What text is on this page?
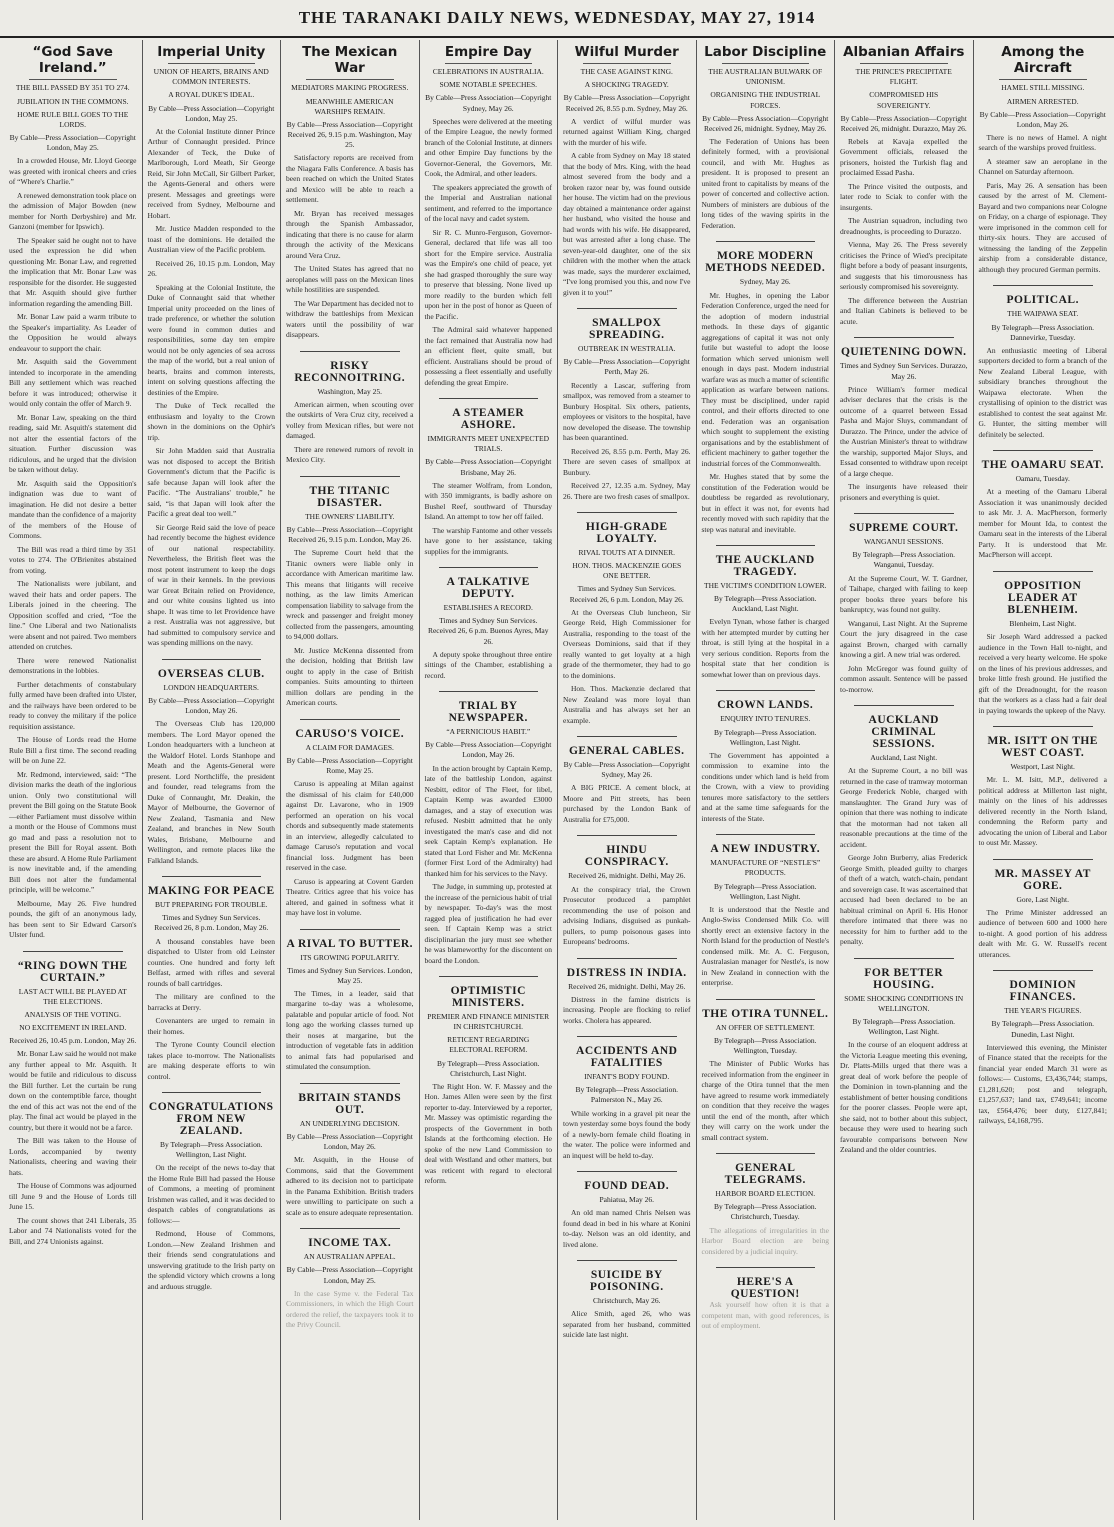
THE TARANAKI DAILY NEWS, WEDNESDAY, MAY 27, 1914
“God Save Ireland.”
THE BILL PASSED BY 351 TO 274.
JUBILATION IN THE COMMONS.
HOME RULE BILL GOES TO THE LORDS.
By Cable—Press Association—Copyright London, May 25.

In a crowded House, Mr. Lloyd George was greeted with ironical cheers and cries of “Where's Charlie.”

A renewed demonstration took place on the admission of Major Bowden (new member for North Derbyshire) and Mr. Ganzoni (member for Ipswich).

The Speaker said he ought not to have used the expression he did when questioning Mr. Bonar Law, and regretted the implication that Mr. Bonar Law was responsible for the disorder. He suggested that Mr. Asquith should give further information regarding the amending Bill.

Mr. Bonar Law paid a warm tribute to the Speaker's impartiality. As Leader of the Opposition he would always endeavour to support the chair.

Mr. Asquith said the Government intended to incorporate in the amending Bill any settlement which was reached before it was introduced; otherwise it would only contain the offer of March 9.

Mr. Bonar Law, speaking on the third reading, said Mr. Asquith's statement did not alter the essential factors of the situation. Further discussion was ridiculous, and he urged that the division be taken without delay.

Mr. Asquith said the Opposition's indignation was due to want of imagination. He did not desire a better mandate than the confidence of a majority of the members of the House of Commons.

The Bill was read a third time by 351 votes to 274. The O'Brienites abstained from voting.

The Nationalists were jubilant, and waved their hats and order papers. The Liberals joined in the cheering. The Opposition scoffed and cried, “Toe the line.” One Liberal and two Nationalists were absent and not paired. Two members attended on crutches.

There were renewed Nationalist demonstrations in the lobbies.

Further detachments of constabulary fully armed have been drafted into Ulster, and the railways have been ordered to be ready to convey the military if the police requisition assistance.

The House of Lords read the Home Rule Bill a first time. The second reading will be on June 22.

Mr. Redmond, interviewed, said: “The division marks the death of the inglorious union. Only two constitutional will prevent the Bill going on the Statute Book—either Parliament must dissolve within a month or the House of Commons must go mad and pass a resolution not to present the Bill for Royal assent. Both these are absurd. A Home Rule Parliament is now inevitable and, if the amending Bill does not alter the fundamental principle, will be welcome.”

Melbourne, May 26. Five hundred pounds, the gift of an anonymous lady, has been sent to Sir Edward Carson's Ulster fund.

“RING DOWN THE CURTAIN.”
LAST ACT WILL BE PLAYED AT THE ELECTIONS.
ANALYSIS OF THE VOTING.
NO EXCITEMENT IN IRELAND.
Received 26, 10.45 p.m. London, May 26.

Mr. Bonar Law said he would not make any further appeal to Mr. Asquith. It would be futile and ridiculous to discuss the Bill further. Let the curtain be rung down on the contemptible farce, thought the end of this act was not the end of the play. The final act would be played in the country, but there it would not be a farce.

The Bill was taken to the House of Lords, accompanied by twenty Nationalists, cheering and waving their hats.

The House of Commons was adjourned till June 9 and the House of Lords till June 15.

The count shows that 241 Liberals, 35 Labor and 74 Nationalists voted for the Bill, and 274 Unionists against.

Imperial Unity
UNION OF HEARTS, BRAINS AND COMMON INTERESTS.
A ROYAL DUKE'S IDEAL.
By Cable—Press Association—Copyright London, May 25.

At the Colonial Institute dinner Prince Arthur of Connaught presided. Prince Alexander of Teck, the Duke of Marlborough, Lord Meath, Sir George Reid, Sir John McCall, Sir Gilbert Parker, the Agents-General and others were present. Messages and greetings were received from Sydney, Melbourne and Hobart.

Mr. Justice Madden responded to the toast of the dominions. He detailed the Australian view of the Pacific problem.

Received 26, 10.15 p.m. London, May 26.

Speaking at the Colonial Institute, the Duke of Connaught said that whether Imperial unity proceeded on the lines of trade preference, or whether the solution were found in common duties and responsibilities, some day ten empire would not be only agencies of sea across the map of the world, but a real union of hearts, brains and common interests, intent on solving questions affecting the destinies of the Empire.

The Duke of Teck recalled the enthusiasm and loyalty to the Crown shown in the dominions on the Ophir's trip.

Sir John Madden said that Australia was not disposed to accept the British Government's dictum that the Pacific is safe because Japan will look after the Pacific. “The Australians' trouble,” he said, “is that Japan will look after the Pacific a great deal too well.”

Sir George Reid said the love of peace had recently become the highest evidence of our national respectability. Nevertheless, the British fleet was the most potent instrument to keep the dogs of war in their kennels. In the previous war Great Britain relied on Providence, and our white cousins lighted us into shape. It was time to let Providence have a rest. Australia was not aggressive, but had submitted to compulsory service and was spending millions on the navy.

OVERSEAS CLUB.
LONDON HEADQUARTERS.
By Cable—Press Association—Copyright London, May 26.

The Overseas Club has 120,000 members. The Lord Mayor opened the London headquarters with a luncheon at the Waldorf Hotel. Lords Stanhope and Meath and the Agents-General were present. Lord Northcliffe, the president and founder, read telegrams from the Duke of Connaught, Mr. Deakin, the Mayor of Melbourne, the Governor of New Zealand, Tasmania and New Zealand, and branches in New South Wales, Brisbane, Melbourne and Wellington, and remote places like the Falkland Islands.

MAKING FOR PEACE
BUT PREPARING FOR TROUBLE.
Times and Sydney Sun Services. Received 26, 8 p.m. London, May 26.

A thousand constables have been dispatched to Ulster from old Leinster counties. One hundred and forty left Belfast, armed with rifles and several rounds of ball cartridges.

The military are confined to the barracks at Derry.

Covenanters are urged to remain in their homes.

The Tyrone County Council election takes place to-morrow. The Nationalists are making desperate efforts to win control.

CONGRATULATIONS FROM NEW ZEALAND.
By Telegraph—Press Association. Wellington, Last Night.

On the receipt of the news to-day that the Home Rule Bill had passed the House of Commons, a meeting of prominent Irishmen was called, and it was decided to despatch cables of congratulations as follows:—

Redmond, House of Commons, London.—New Zealand Irishmen and their friends send congratulations and unswerving gratitude to the Irish party on the splendid victory which crowns a long and arduous struggle.

The Mexican War
MEDIATORS MAKING PROGRESS.
MEANWHILE AMERICAN WARSHIPS REMAIN.
By Cable—Press Association—Copyright Received 26, 9.15 p.m. Washington, May 25.

Satisfactory reports are received from the Niagara Falls Conference. A basis has been reached on which the United States and Mexico will be able to reach a settlement.

Mr. Bryan has received messages through the Spanish Ambassador, indicating that there is no cause for alarm through the activity of the Mexicans around Vera Cruz.

The United States has agreed that no aeroplanes will pass on the Mexican lines while hostilities are suspended.

The War Department has decided not to withdraw the battleships from Mexican waters until the possibility of war disappears.

RISKY RECONNOITRING.
Washington, May 25.

American airmen, when scouting over the outskirts of Vera Cruz city, received a volley from Mexican rifles, but were not damaged.

There are renewed rumors of revolt in Mexico City.

THE TITANIC DISASTER.
THE OWNERS' LIABILITY.
By Cable—Press Association—Copyright Received 26, 9.15 p.m. London, May 26.

The Supreme Court held that the Titanic owners were liable only in accordance with American maritime law. This means that litigants will receive nothing, as the law limits American compensation liability to salvage from the wreck and passenger and freight money collected from the passengers, amounting to 94,000 dollars.

Mr. Justice McKenna dissented from the decision, holding that British law ought to apply in the case of British companies. Suits amounting to thirteen million dollars are pending in the American courts.

CARUSO'S VOICE.
A CLAIM FOR DAMAGES.
By Cable—Press Association—Copyright Rome, May 25.

Caruso is appealing at Milan against the dismissal of his claim for £40,000 against Dr. Lavarone, who in 1909 performed an operation on his vocal chords and subsequently made statements in an interview, allegedly calculated to damage Caruso's reputation and vocal financial loss. Judgment has been reserved in the case.

Caruso is appearing at Covent Garden Theatre. Critics agree that his voice has altered, and gained in softness what it may have lost in volume.

A RIVAL TO BUTTER.
ITS GROWING POPULARITY.
Times and Sydney Sun Services. London, May 25.

The Times, in a leader, said that margarine to-day was a wholesome, palatable and popular article of food. Not long ago the working classes turned up their noses at margarine, but the introduction of vegetable fats in addition to animal fats had popularised and stimulated the consumption.

BRITAIN STANDS OUT.
AN UNDERLYING DECISION.
By Cable—Press Association—Copyright London, May 26.

Mr. Asquith, in the House of Commons, said that the Government adhered to its decision not to participate in the Panama Exhibition. British traders were unwilling to participate on such a scale as to ensure adequate representation.

INCOME TAX.
AN AUSTRALIAN APPEAL.
By Cable—Press Association—Copyright London, May 25.

In the case Syme v. the Federal Tax Commissioners, in which the High Court ordered the relief, the taxpayers took it to the Privy Council.

Empire Day
CELEBRATIONS IN AUSTRALIA.
SOME NOTABLE SPEECHES.
By Cable—Press Association—Copyright Sydney, May 26.

Speeches were delivered at the meeting of the Empire League, the newly formed branch of the Colonial Institute, at dinners and other Empire Day functions by the Governor-General, the Governors, Mr. Cook, the Admiral, and other leaders.

The speakers appreciated the growth of the Imperial and Australian national sentiment, and referred to the importance of the local navy and cadet system.

Sir R. C. Munro-Ferguson, Governor-General, declared that life was all too short for the Empire service. Australia was the Empire's one child of peace, yet she had grasped thoroughly the sure way to preserve that blessing. None lived up more readily to the burden which fell upon her in the post of honor as Queen of the Pacific.

The Admiral said whatever happened the fact remained that Australia now had an efficient fleet, quite small, but efficient. Australians should be proud of possessing a fleet essentially and usefully defending the great Empire.

A STEAMER ASHORE.
IMMIGRANTS MEET UNEXPECTED TRIALS.
By Cable—Press Association—Copyright Brisbane, May 26.

The steamer Wolfram, from London, with 350 immigrants, is badly ashore on Bushel Reef, southward of Thursday Island. An attempt to tow her off failed.

The warship Fantome and other vessels have gone to her assistance, taking supplies for the immigrants.

A TALKATIVE DEPUTY.
ESTABLISHES A RECORD.
Times and Sydney Sun Services. Received 26, 6 p.m. Buenos Ayres, May 26.

A deputy spoke throughout three entire sittings of the Chamber, establishing a record.

TRIAL BY NEWSPAPER.
“A PERNICIOUS HABIT.”
By Cable—Press Association—Copyright London, May 26.

In the action brought by Captain Kemp, late of the battleship London, against Nesbitt, editor of The Fleet, for libel, Captain Kemp was awarded £3000 damages, and a stay of execution was refused. Nesbitt admitted that he only investigated the man's case and did not seek Captain Kemp's explanation. He stated that Lord Fisher and Mr. McKenna (former First Lord of the Admiralty) had thanked him for his services to the Navy.

The Judge, in summing up, protested at the increase of the pernicious habit of trial by newspaper. To-day's was the most ragged plea of justification he had ever seen. If Captain Kemp was a strict disciplinarian the jury must see whether he was blameworthy for the discontent on board the London.

OPTIMISTIC MINISTERS.
PREMIER AND FINANCE MINISTER IN CHRISTCHURCH.
RETICENT REGARDING ELECTORAL REFORM.
By Telegraph—Press Association. Christchurch, Last Night.

The Right Hon. W. F. Massey and the Hon. James Allen were seen by the first reporter to-day. Interviewed by a reporter, Mr. Massey was optimistic regarding the prospects of the Government in both Islands at the forthcoming election. He spoke of the new Land Commission to deal with Westland and other matters, but was reticent with regard to electoral reform.

Wilful Murder
THE CASE AGAINST KING.
A SHOCKING TRAGEDY.
By Cable—Press Association—Copyright Received 26, 8.55 p.m. Sydney, May 26.

A verdict of wilful murder was returned against William King, charged with the murder of his wife.

A cable from Sydney on May 18 stated that the body of Mrs. King, with the head almost severed from the body and a broken razor near by, was found outside her house. The victim had on the previous day obtained a maintenance order against her husband, who visited the house and had words with his wife. He disappeared, but was arrested after a long chase. The seven-year-old daughter, one of the six children with the mother when the attack was made, says the murderer exclaimed, “I've long promised you this, and now I've given it to you!”

SMALLPOX SPREADING.
OUTBREAK IN WESTRALIA.
By Cable—Press Association—Copyright Perth, May 26.

Recently a Lascar, suffering from smallpox, was removed from a steamer to Bunbury Hospital. Six others, patients, employees or visitors to the hospital, have now developed the disease. The township has been quarantined.

Received 26, 8.55 p.m. Perth, May 26. There are seven cases of smallpox at Bunbury.

Received 27, 12.35 a.m. Sydney, May 26. There are two fresh cases of smallpox.

HIGH-GRADE LOYALTY.
RIVAL TOUTS AT A DINNER.
HON. THOS. MACKENZIE GOES ONE BETTER.
Times and Sydney Sun Services. Received 26, 6 p.m. London, May 26.

At the Overseas Club luncheon, Sir George Reid, High Commissioner for Australia, responding to the toast of the Overseas Dominions, said that if they really wanted to get loyalty at a high grade of the thermometer, they had to go to the dominions.

Hon. Thos. Mackenzie declared that New Zealand was more loyal than Australia and has always set her an example.

GENERAL CABLES.
By Cable—Press Association—Copyright Sydney, May 26.

A BIG PRICE. A cement block, at Moore and Pitt streets, has been purchased by the London Bank of Australia for £75,000.

HINDU CONSPIRACY.
Received 26, midnight. Delhi, May 26.

At the conspiracy trial, the Crown Prosecutor produced a pamphlet recommending the use of poison and advising Indians, disguised as punkah-pullers, to pump poisonous gases into Europeans' bedrooms.

DISTRESS IN INDIA.
Received 26, midnight. Delhi, May 26.

Distress in the famine districts is increasing. People are flocking to relief works. Cholera has appeared.

ACCIDENTS AND FATALITIES
INFANT'S BODY FOUND.
By Telegraph—Press Association. Palmerston N., May 26.

While working in a gravel pit near the town yesterday some boys found the body of a newly-born female child floating in the water. The police were informed and an inquest will be held to-day.

FOUND DEAD.
Pahiatua, May 26.

An old man named Chris Nelsen was found dead in bed in his whare at Konini to-day. Nelson was an old identity, and lived alone.

SUICIDE BY POISONING.
Christchurch, May 26.

Alice Smith, aged 26, who was separated from her husband, committed suicide late last night.

Labor Discipline
THE AUSTRALIAN BULWARK OF UNIONISM.
ORGANISING THE INDUSTRIAL FORCES.
By Cable—Press Association—Copyright Received 26, midnight. Sydney, May 26.

The Federation of Unions has been definitely formed, with a provisional council, and with Mr. Hughes as president. It is proposed to present an united front to capitalists by means of the power of concerted and collective action. Numbers of ministers are dubious of the long tides of the waving spirits in the Federation.

MORE MODERN METHODS NEEDED.
Sydney, May 26.

Mr. Hughes, in opening the Labor Federation Conference, urged the need for the adoption of modern industrial methods. In these days of gigantic aggregations of capital it was not only futile but wasteful to adopt the loose formation which served unionism well enough in days past. Modern industrial warfare was as much a matter of scientific application as warfare between nations. They must be disciplined, under rapid control, and their efforts directed to one end. Federation was an organisation which sought to supplement the existing organisations and by the establishment of efficient machinery to gather together the industrial forces of the Commonwealth.

Mr. Hughes stated that by some the constitution of the Federation would be doubtless be regarded as revolutionary, but in effect it was not, for events had recently moved with such rapidity that the step was natural and inevitable.

THE AUCKLAND TRAGEDY.
THE VICTIM'S CONDITION LOWER.
By Telegraph—Press Association. Auckland, Last Night.

Evelyn Tynan, whose father is charged with her attempted murder by cutting her throat, is still lying at the hospital in a very serious condition. Reports from the hospital state that her condition is somewhat lower than on previous days.

CROWN LANDS.
ENQUIRY INTO TENURES.
By Telegraph—Press Association. Wellington, Last Night.

The Government has appointed a commission to examine into the conditions under which land is held from the Crown, with a view to providing tenures more satisfactory to the settlers and at the same time safeguards for the interests of the State.

A NEW INDUSTRY.
MANUFACTURE OF “NESTLE'S” PRODUCTS.
By Telegraph—Press Association. Wellington, Last Night.

It is understood that the Nestle and Anglo-Swiss Condensed Milk Co. will shortly erect an extensive factory in the North Island for the production of Nestle's condensed milk. Mr. A. C. Ferguson, Australasian manager for Nestle's, is now in New Zealand in connection with the enterprise.

THE OTIRA TUNNEL.
AN OFFER OF SETTLEMENT.
By Telegraph—Press Association. Wellington, Tuesday.

The Minister of Public Works has received information from the engineer in charge of the Otira tunnel that the men have agreed to resume work immediately on condition that they receive the wages until the end of the month, after which they will carry on the work under the small contract system.

GENERAL TELEGRAMS.
HARBOR BOARD ELECTION.
By Telegraph—Press Association. Christchurch, Tuesday.

The allegations of irregularities in the Harbor Board election are being considered by a judicial inquiry.

HERE'S A QUESTION!

Ask yourself how often it is that a competent man, with good references, is out of employment.

Albanian Affairs
THE PRINCE'S PRECIPITATE FLIGHT.
COMPROMISED HIS SOVEREIGNTY.
By Cable—Press Association—Copyright Received 26, midnight. Durazzo, May 26.

Rebels at Kavaja expelled the Government officials, released the prisoners, hoisted the Turkish flag and proclaimed Essad Pasha.

The Prince visited the outposts, and later rode to Sciak to confer with the insurgents.

The Austrian squadron, including two dreadnoughts, is proceeding to Durazzo.

Vienna, May 26. The Press severely criticises the Prince of Wied's precipitate flight before a body of peasant insurgents, and suggests that his timorousness has seriously compromised his sovereignty.

The difference between the Austrian and Italian Cabinets is believed to be acute.

QUIETENING DOWN.
Times and Sydney Sun Services. Durazzo, May 26.

Prince William's former medical adviser declares that the crisis is the outcome of a quarrel between Essad Pasha and Major Sluys, commandant of Durazzo. The Prince, under the advice of the Austrian Minister's threat to withdraw the warship, supported Major Sluys, and Essad consented to withdraw upon receipt of a large cheque.

The insurgents have released their prisoners and everything is quiet.

SUPREME COURT.
WANGANUI SESSIONS.
By Telegraph—Press Association. Wanganui, Tuesday.

At the Supreme Court, W. T. Gardner, of Taihape, charged with failing to keep proper books three years before his bankruptcy, was found not guilty.

Wanganui, Last Night. At the Supreme Court the jury disagreed in the case against Brown, charged with carnally knowing a girl. A new trial was ordered.

John McGregor was found guilty of common assault. Sentence will be passed to-morrow.

AUCKLAND CRIMINAL SESSIONS.
Auckland, Last Night.

At the Supreme Court, a no bill was returned in the case of tramway motorman George Frederick Noble, charged with manslaughter. The Grand Jury was of opinion that there was nothing to indicate that the motorman had not taken all reasonable precautions at the time of the accident.

George John Burberry, alias Frederick George Smith, pleaded guilty to charges of theft of a watch, watch-chain, pendant and sovereign case. It was ascertained that accused had been declared to be an habitual criminal on April 6. His Honor therefore intimated that there was no necessity for him to further add to the penalty.

FOR BETTER HOUSING.
SOME SHOCKING CONDITIONS IN WELLINGTON.
By Telegraph—Press Association. Wellington, Last Night.

In the course of an eloquent address at the Victoria League meeting this evening, Dr. Platts-Mills urged that there was a great deal of work before the people of the Dominion in town-planning and the establishment of better housing conditions for the poorer classes. People were apt, she said, not to bother about this subject, because they were used to hearing such favourable comparisons between New Zealand and the older countries.

Among the Aircraft
HAMEL STILL MISSING.
AIRMEN ARRESTED.
By Cable—Press Association—Copyright London, May 26.

There is no news of Hamel. A night search of the warships proved fruitless.

A steamer saw an aeroplane in the Channel on Saturday afternoon.

Paris, May 26. A sensation has been caused by the arrest of M. Clement-Bayard and two companions near Cologne on Friday, on a charge of espionage. They were imprisoned in the common cell for thirty-six hours. They are accused of witnessing the landing of the Zeppelin airship from a considerable distance, although they procured German permits.

POLITICAL.
THE WAIPAWA SEAT.
By Telegraph—Press Association. Dannevirke, Tuesday.

An enthusiastic meeting of Liberal supporters decided to form a branch of the New Zealand Liberal League, with subsidiary branches throughout the Waipawa electorate. When the crystallising of opinion to the district was established to contest the seat against Mr. G. Hunter, the sitting member will definitely be selected.

THE OAMARU SEAT.
Oamaru, Tuesday.

At a meeting of the Oamaru Liberal Association it was unanimously decided to ask Mr. J. A. MacPherson, formerly member for Mount Ida, to contest the Oamaru seat in the interests of the Liberal Party. It is understood that Mr. MacPherson will accept.

OPPOSITION LEADER AT BLENHEIM.
Blenheim, Last Night.

Sir Joseph Ward addressed a packed audience in the Town Hall to-night, and received a very hearty welcome. He spoke on the lines of his previous addresses, and broke little fresh ground. He justified the gift of the Dreadnought, for the reason that the workers as a class had a fair deal in paying towards the upkeep of the Navy.

MR. ISITT ON THE WEST COAST.
Westport, Last Night.

Mr. L. M. Isitt, M.P., delivered a political address at Millerton last night, mainly on the lines of his addresses delivered recently in the North Island, condemning the Reform party and advocating the union of Liberal and Labor to oust Mr. Massey.

MR. MASSEY AT GORE.
Gore, Last Night.

The Prime Minister addressed an audience of between 600 and 1000 here to-night. A good portion of his address dealt with Mr. G. W. Russell's recent utterances.

DOMINION FINANCES.
THE YEAR'S FIGURES.
By Telegraph—Press Association. Dunedin, Last Night.

Interviewed this evening, the Minister of Finance stated that the receipts for the financial year ended March 31 were as follows:— Customs, £3,436,744; stamps, £1,281,620; post and telegraph, £1,257,637; land tax, £749,641; income tax, £564,476; beer duty, £127,841; railways, £4,168,795.
